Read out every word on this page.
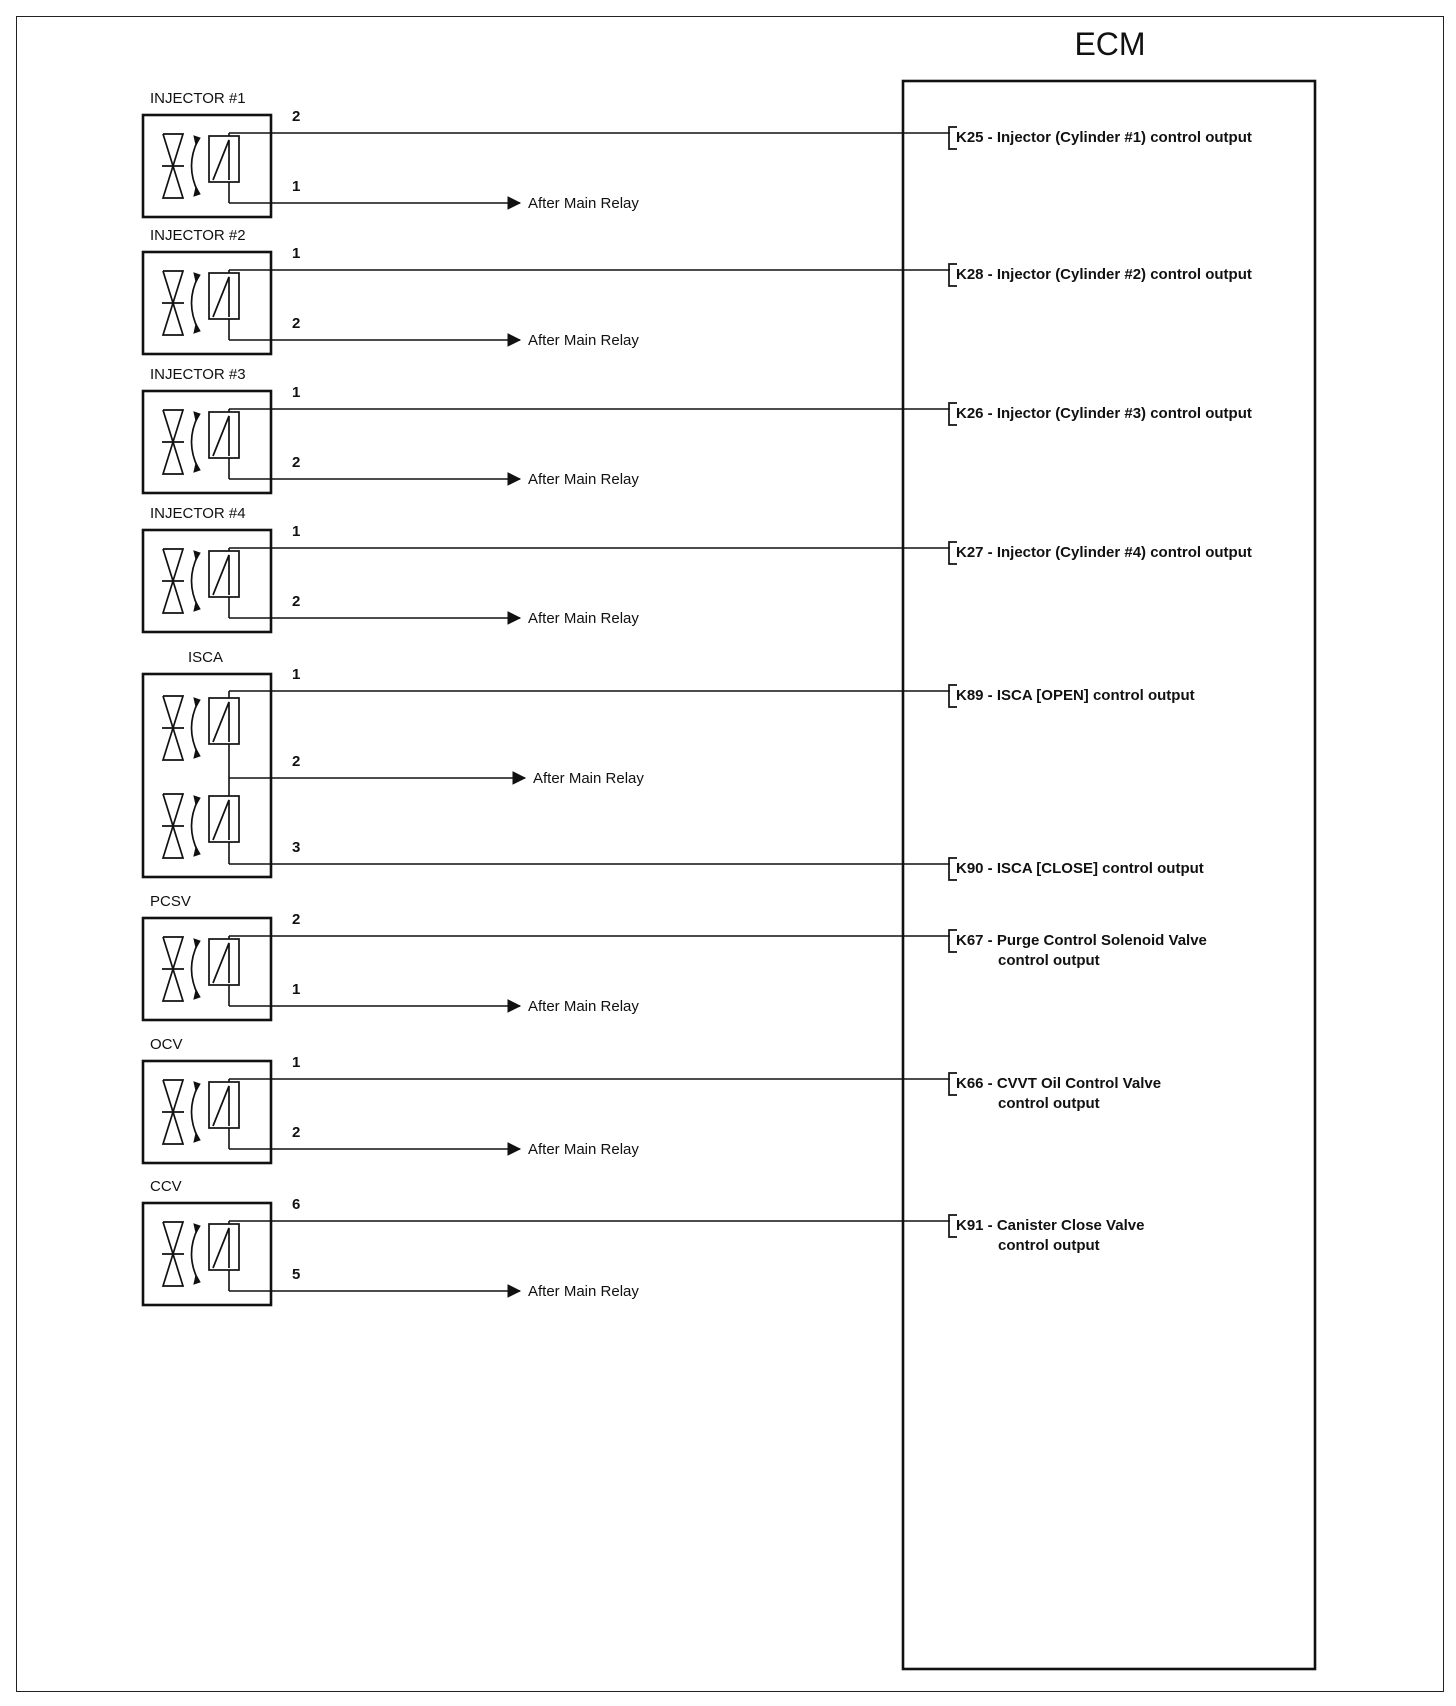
ECM
INJECTOR #1
2
1
After Main Relay
K25 - Injector (Cylinder #1) control output
INJECTOR #2
1
2
After Main Relay
K28 - Injector (Cylinder #2) control output
INJECTOR #3
1
2
After Main Relay
K26 - Injector (Cylinder #3) control output
INJECTOR #4
1
2
After Main Relay
K27 - Injector (Cylinder #4) control output
PCSV
2
1
After Main Relay
K67 - Purge Control Solenoid Valve
control output
OCV
1
2
After Main Relay
K66 - CVVT Oil Control Valve
control output
CCV
6
5
After Main Relay
K91 - Canister Close Valve
control output
ISCA
1
2
After Main Relay
3
K89 - ISCA [OPEN] control output
K90 - ISCA [CLOSE] control output
